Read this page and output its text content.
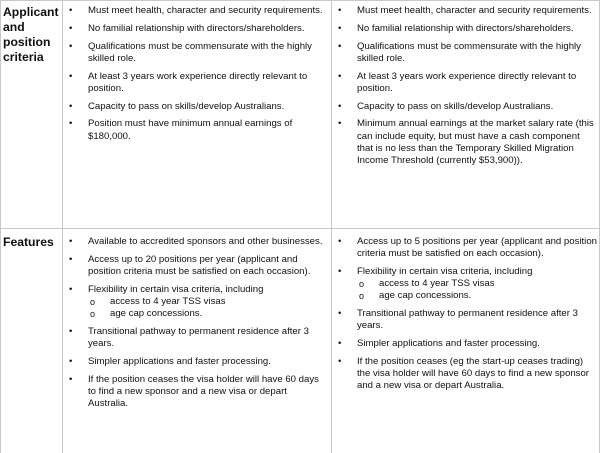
Applicant and position criteria
• Must meet health, character and security requirements.
• No familial relationship with directors/shareholders.
• Qualifications must be commensurate with the highly skilled role.
• At least 3 years work experience directly relevant to position.
• Capacity to pass on skills/develop Australians.
• Position must have minimum annual earnings of $180,000.
• Must meet health, character and security requirements.
• No familial relationship with directors/shareholders.
• Qualifications must be commensurate with the highly skilled role.
• At least 3 years work experience directly relevant to position.
• Capacity to pass on skills/develop Australians.
• Minimum annual earnings at the market salary rate (this can include equity, but must have a cash component that is no less than the Temporary Skilled Migration Income Threshold (currently $53,900)).
Features	• Available to accredited sponsors and other businesses.
• Access up to 20 positions per year (applicant and position criteria must be satisfied on each occasion).
• Flexibility in certain visa criteria, including
o access to 4 year TSS visas
o age cap concessions.
• Transitional pathway to permanent residence after 3 years.
• Simpler applications and faster processing.
• If the position ceases the visa holder will have 60 days to find a new sponsor and a new visa or depart Australia.
• Access up to 5 positions per year (applicant and position criteria must be satisfied on each occasion).
• Flexibility in certain visa criteria, including
o access to 4 year TSS visas
o age cap concessions.
• Transitional pathway to permanent residence after 3 years.
• Simpler applications and faster processing.
• If the position ceases (eg the start-up ceases trading) the visa holder will have 60 days to find a new sponsor and a new visa or depart Australia.
